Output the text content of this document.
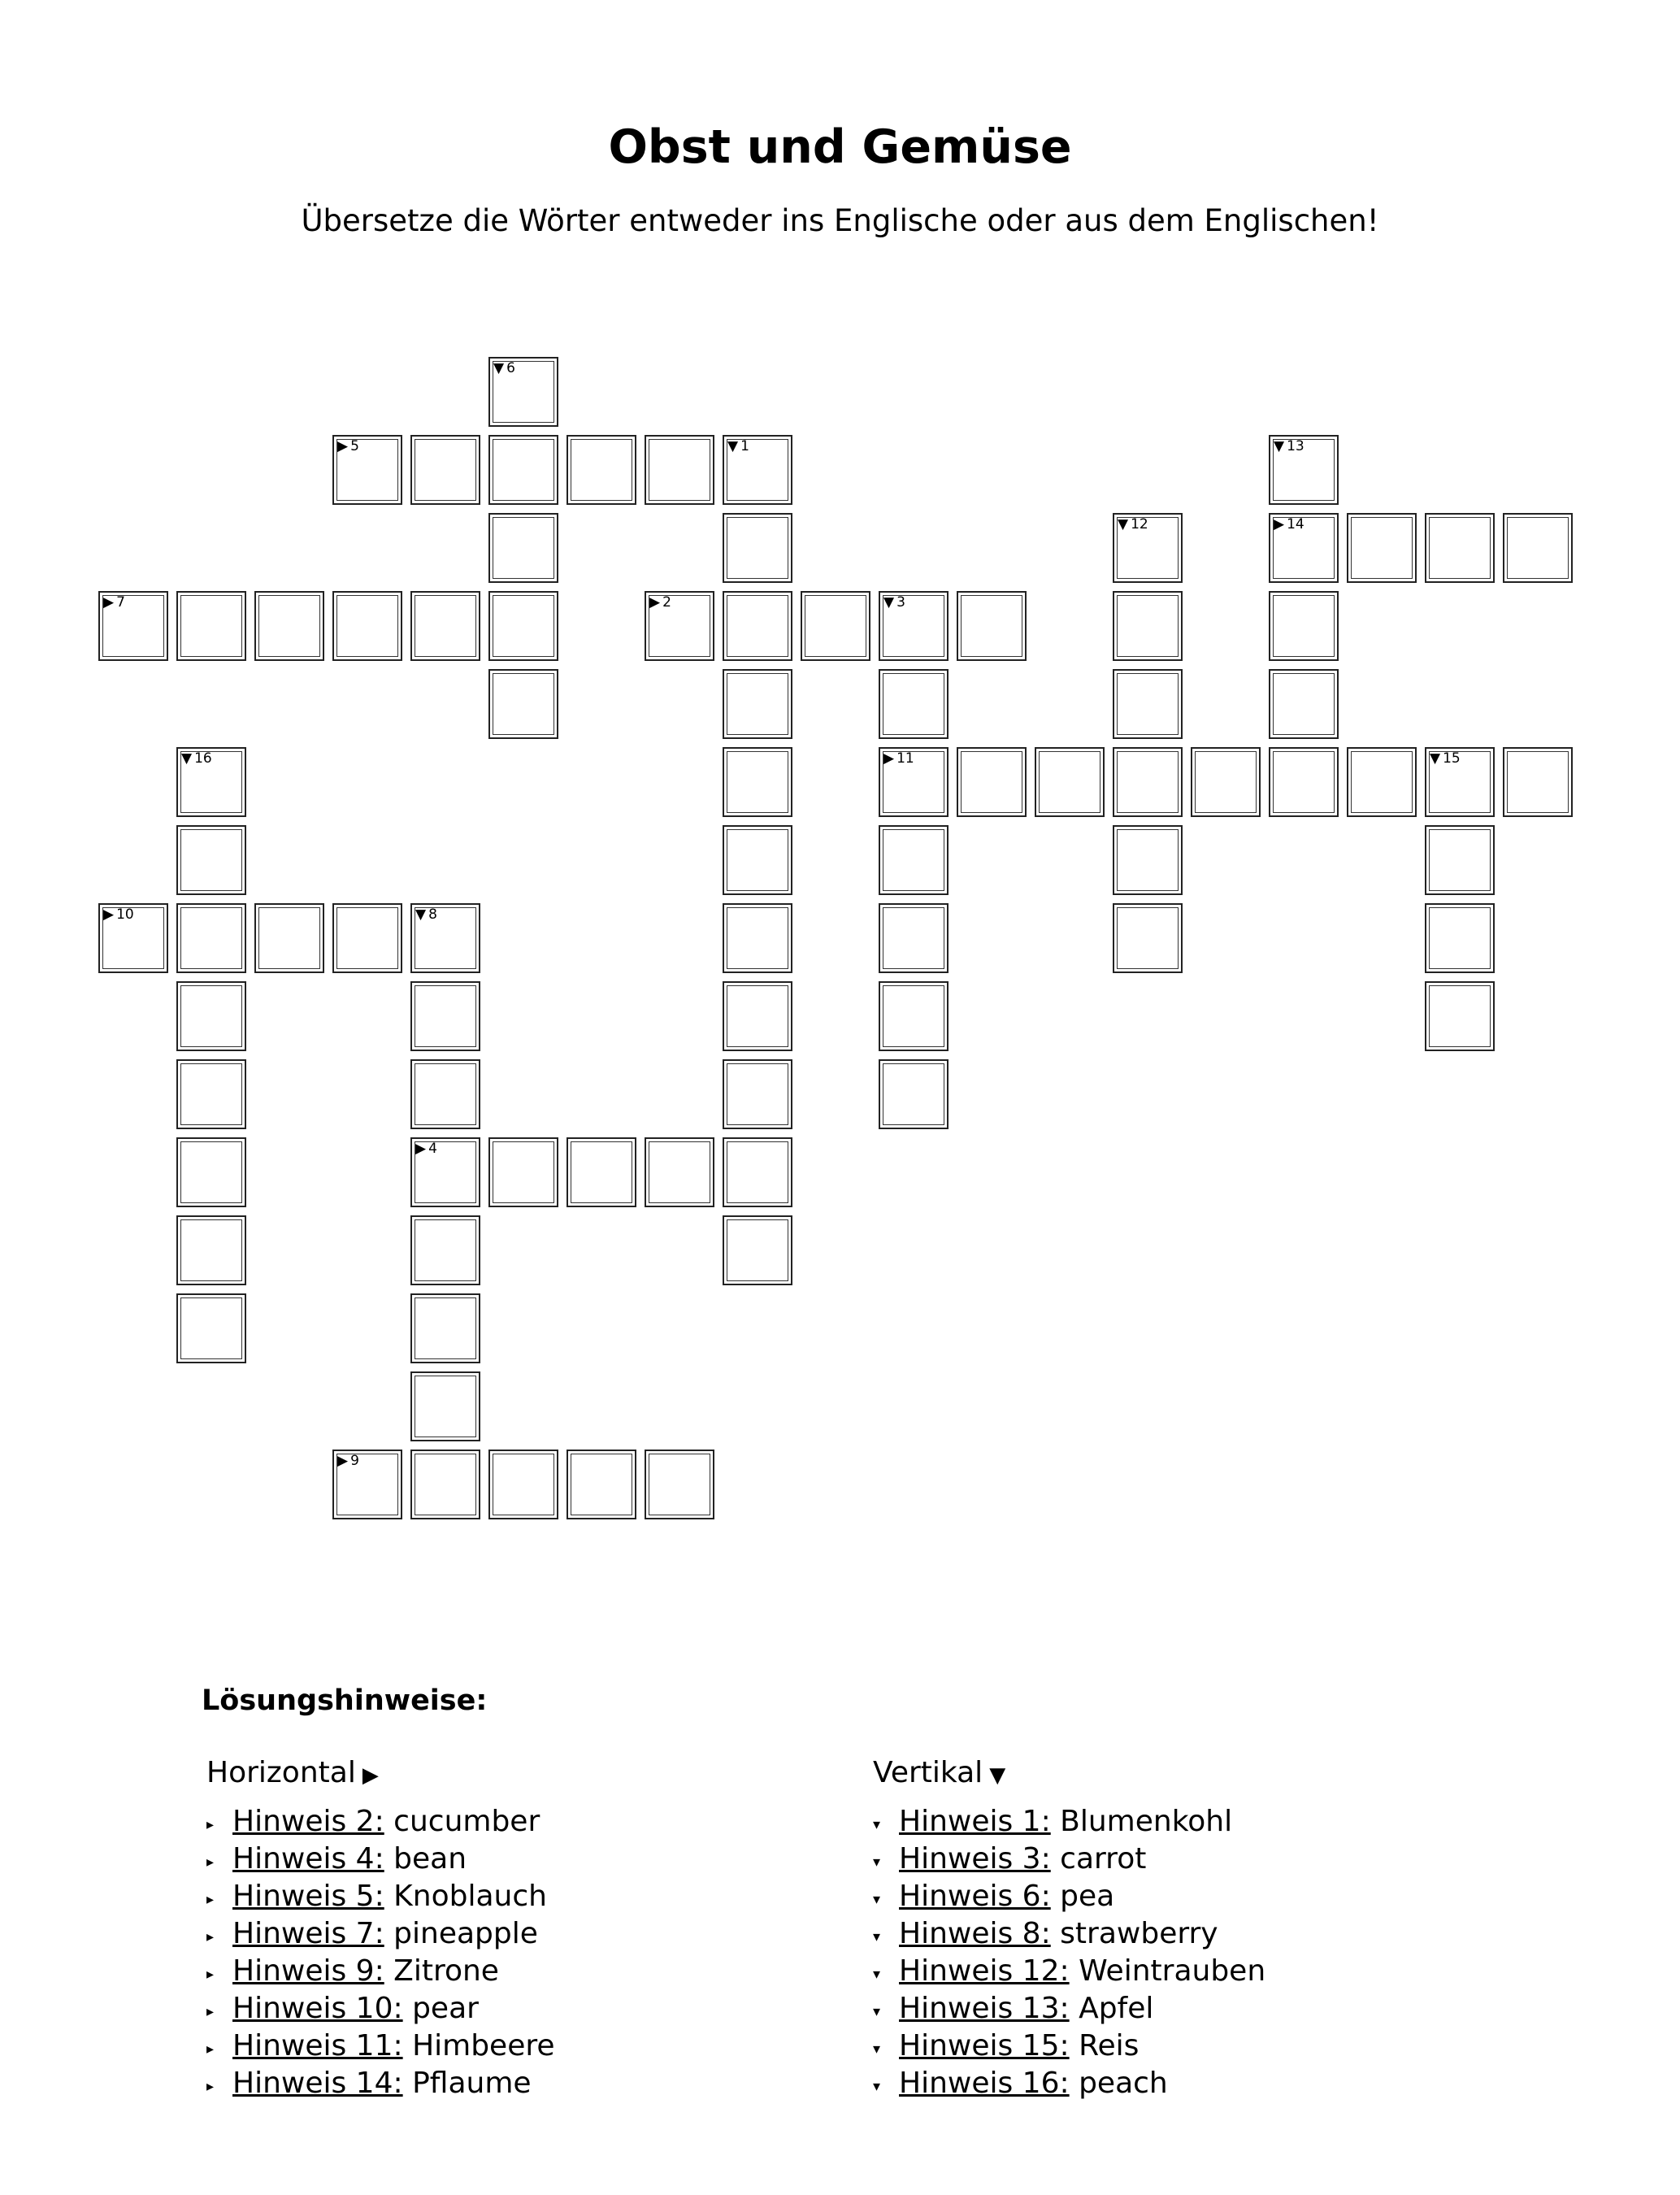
Obst und Gemüse
Übersetze die Wörter entweder ins Englische oder aus dem Englischen!
▶ 2	▼ 3
▶ 4
▶ 5	▼ 1
▶ 7
▶ 9
▶ 10	▼ 8
▶ 11	▼ 15
▶ 14
▼ 6
▼ 12
▼ 13
▼ 16
Lösungshinweise:
Horizontal ▶
▸ Hinweis 2: cucumber
▸ Hinweis 4: bean
▸ Hinweis 5: Knoblauch
▸ Hinweis 7: pineapple
▸ Hinweis 9: Zitrone
▸ Hinweis 10: pear
▸ Hinweis 11: Himbeere
▸ Hinweis 14: Pflaume
Vertikal ▼
▾ Hinweis 1: Blumenkohl
▾ Hinweis 3: carrot
▾ Hinweis 6: pea
▾ Hinweis 8: strawberry
▾ Hinweis 12: Weintrauben
▾ Hinweis 13: Apfel
▾ Hinweis 15: Reis
▾ Hinweis 16: peach
